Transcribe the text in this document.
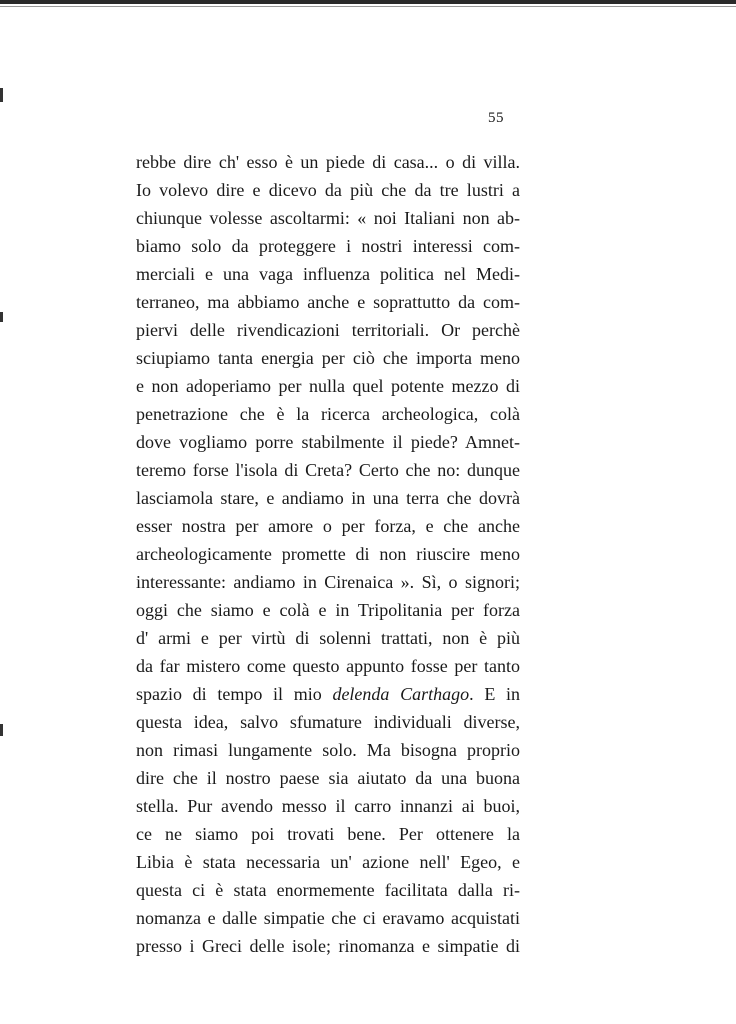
55
rebbe dire ch' esso è un piede di casa... o di villa.
Io volevo dire e dicevo da più che da tre lustri a
chiunque volesse ascoltarmi: « noi Italiani non ab-
biamo solo da proteggere i nostri interessi com-
merciali e una vaga influenza politica nel Medi-
terraneo, ma abbiamo anche e soprattutto da com-
piervi delle rivendicazioni territoriali. Or perchè
sciupiamo tanta energia per ciò che importa meno
e non adoperiamo per nulla quel potente mezzo di
penetrazione che è la ricerca archeologica, colà
dove vogliamo porre stabilmente il piede? Amnet-
teremo forse l'isola di Creta? Certo che no: dunque
lasciamola stare, e andiamo in una terra che dovrà
esser nostra per amore o per forza, e che anche
archeologicamente promette di non riuscire meno
interessante: andiamo in Cirenaica ». Sì, o signori;
oggi che siamo e colà e in Tripolitania per forza
d' armi e per virtù di solenni trattati, non è più
da far mistero come questo appunto fosse per tanto
spazio di tempo il mio delenda Carthago. E in
questa idea, salvo sfumature individuali diverse,
non rimasi lungamente solo. Ma bisogna proprio
dire che il nostro paese sia aiutato da una buona
stella. Pur avendo messo il carro innanzi ai buoi,
ce ne siamo poi trovati bene. Per ottenere la
Libia è stata necessaria un' azione nell' Egeo, e
questa ci è stata enormemente facilitata dalla ri-
nomanza e dalle simpatie che ci eravamo acquistati
presso i Greci delle isole; rinomanza e simpatie di
